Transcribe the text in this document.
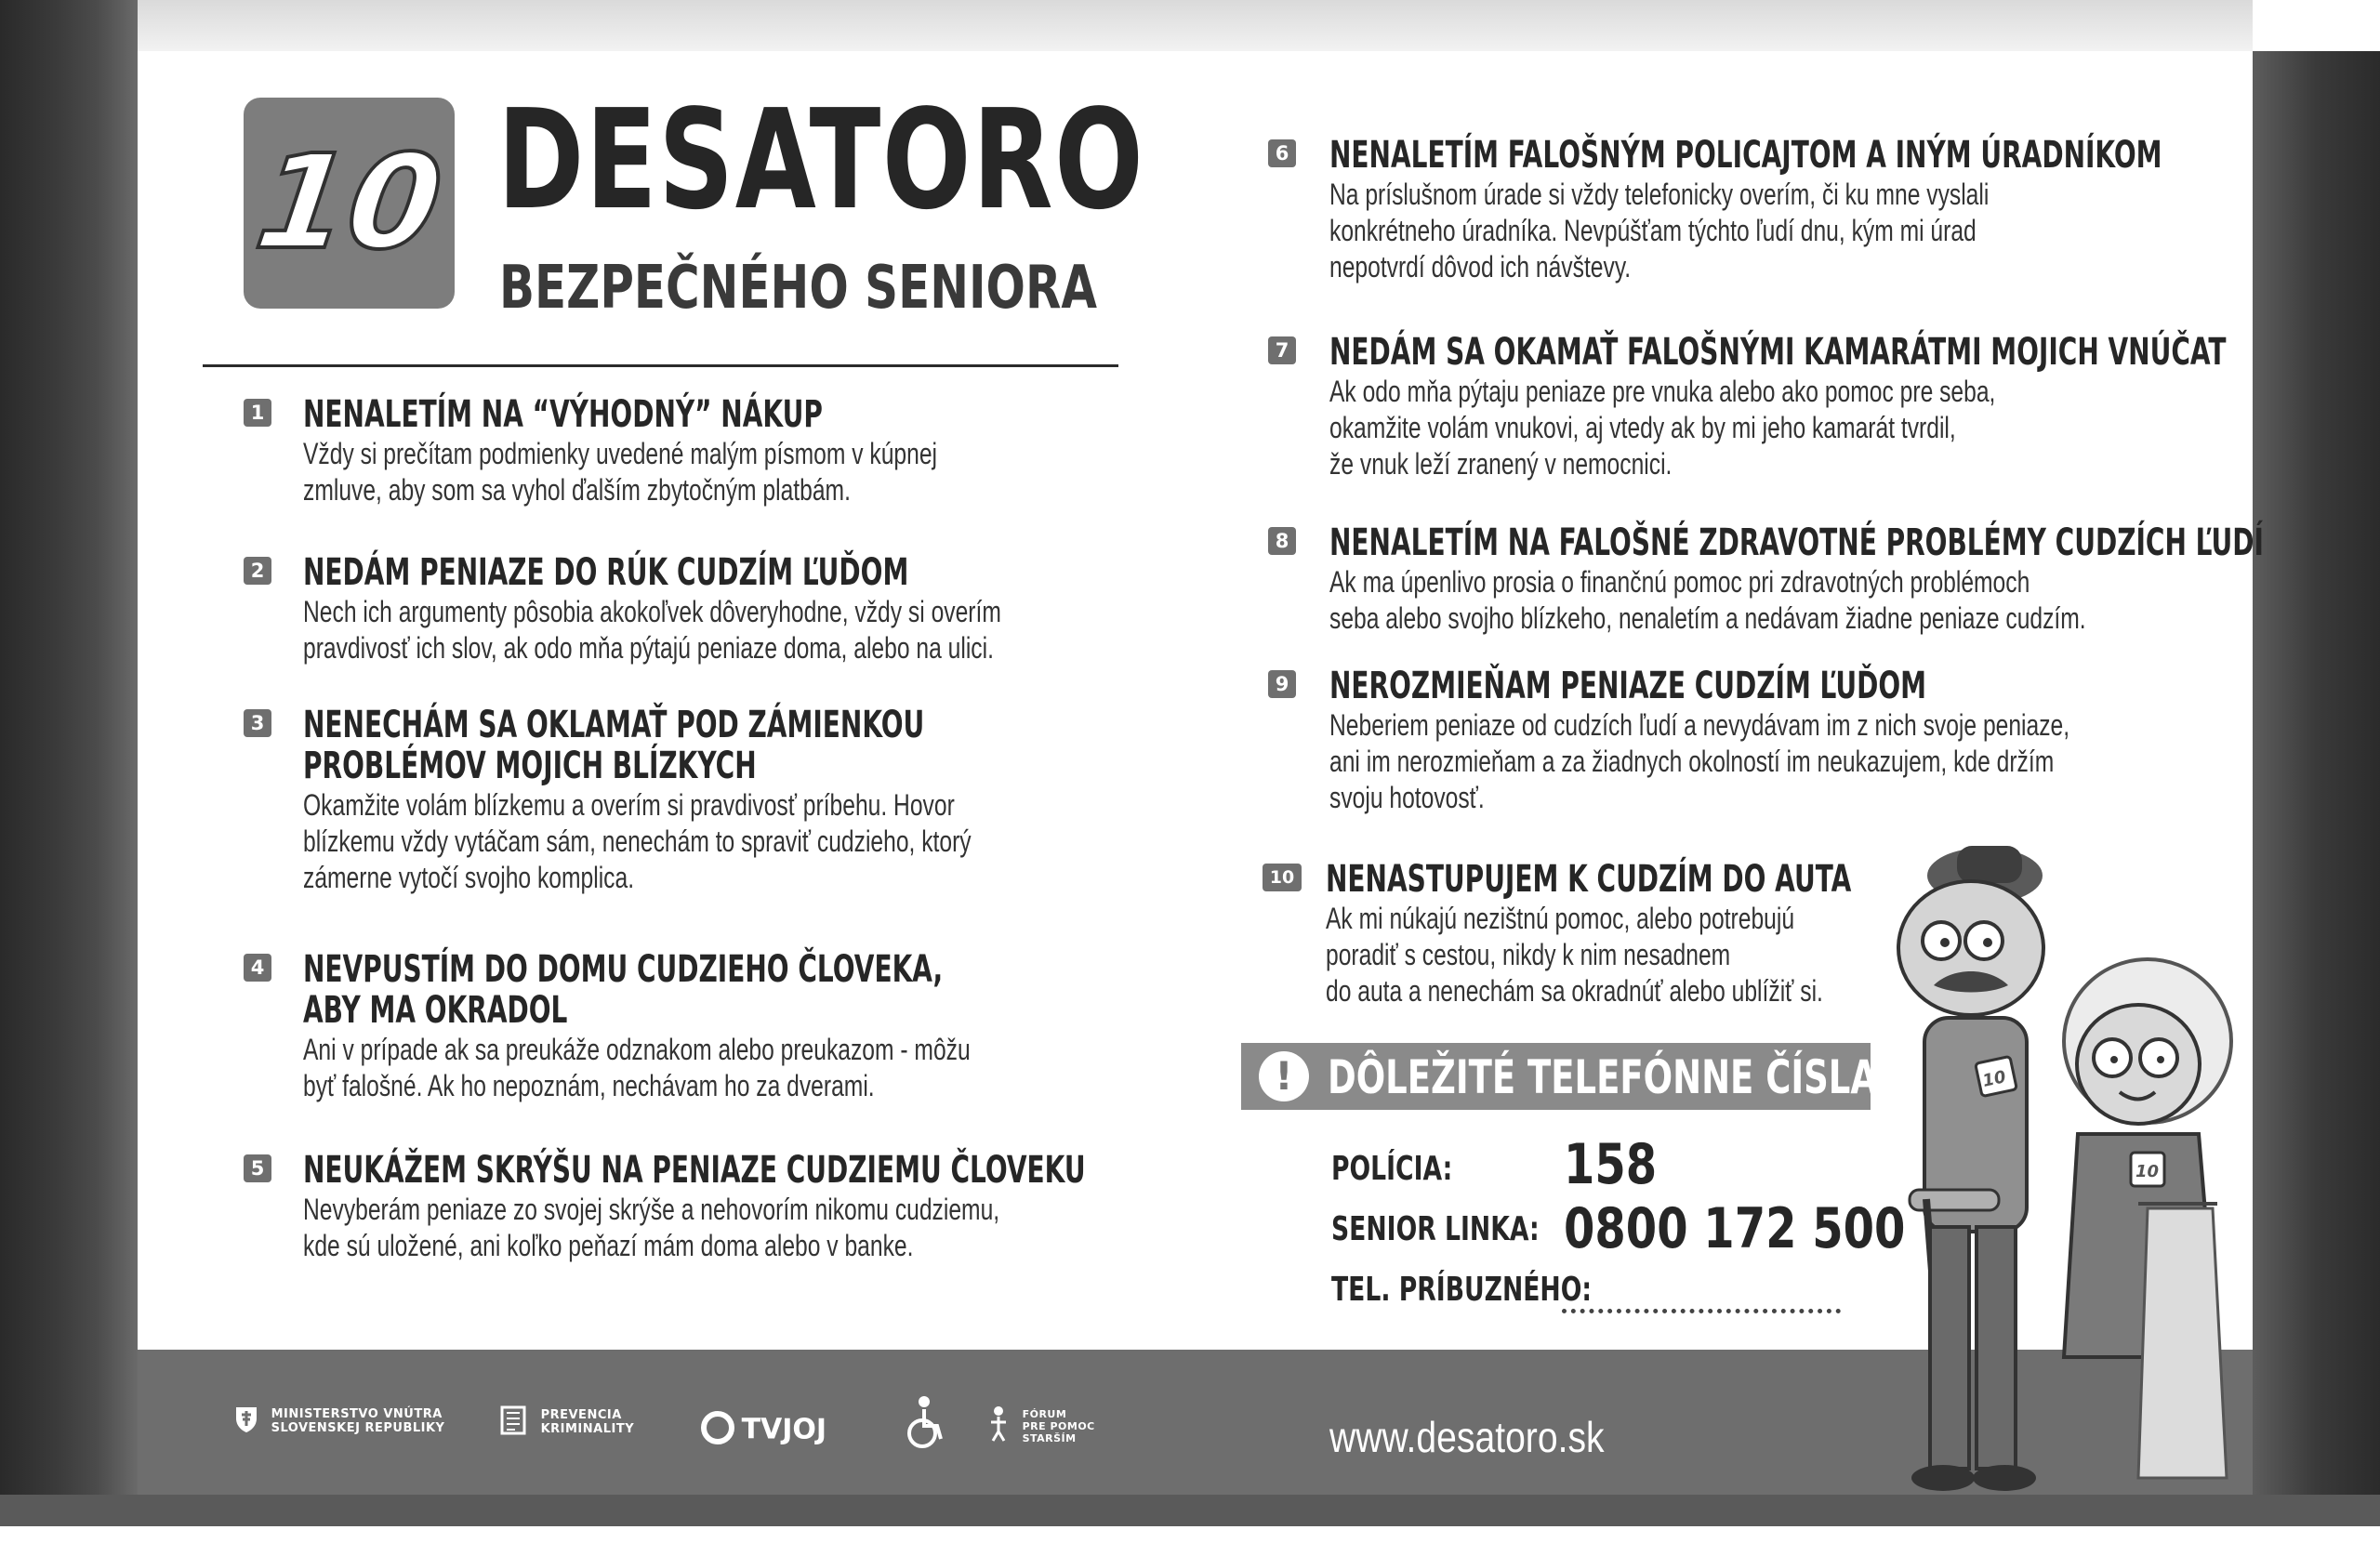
10 DESATORO
BEZPEČNÉHO SENIORA
1 NENALETÍM NA “VÝHODNÝ” NÁKUP
Vždy si prečítam podmienky uvedené malým písmom v kúpnej
zmluve, aby som sa vyhol ďalším zbytočným platbám.
2 NEDÁM PENIAZE DO RÚK CUDZÍM ĽUĎOM
Nech ich argumenty pôsobia akokoľvek dôveryhodne, vždy si overím
pravdivosť ich slov, ak odo mňa pýtajú peniaze doma, alebo na ulici.
3 NENECHÁM SA OKLAMAŤ POD ZÁMIENKOU
PROBLÉMOV MOJICH BLÍZKYCH
Okamžite volám blízkemu a overím si pravdivosť príbehu. Hovor
blízkemu vždy vytáčam sám, nenechám to spraviť cudzieho, ktorý
zámerne vytočí svojho komplica.
4 NEVPUSTÍM DO DOMU CUDZIEHO ČLOVEKA,
ABY MA OKRADOL
Ani v prípade ak sa preukáže odznakom alebo preukazom - môžu
byť falošné. Ak ho nepoznám, nechávam ho za dverami.
5 NEUKÁŽEM SKRÝŠU NA PENIAZE CUDZIEMU ČLOVEKU
Nevyberám peniaze zo svojej skrýše a nehovorím nikomu cudziemu,
kde sú uložené, ani koľko peňazí mám doma alebo v banke.
6 NENALETÍM FALOŠNÝM POLICAJTOM A INÝM ÚRADNÍKOM
Na príslušnom úrade si vždy telefonicky overím, či ku mne vyslali
konkrétneho úradníka. Nevpúšťam týchto ľudí dnu, kým mi úrad
nepotvrdí dôvod ich návštevy.
7 NEDÁM SA OKAMAŤ FALOŠNÝMI KAMARÁTMI MOJICH VNÚČAT
Ak odo mňa pýtaju peniaze pre vnuka alebo ako pomoc pre seba,
okamžite volám vnukovi, aj vtedy ak by mi jeho kamarát tvrdil,
že vnuk leží zranený v nemocnici.
8 NENALETÍM NA FALOŠNÉ ZDRAVOTNÉ PROBLÉMY CUDZÍCH ĽUDÍ
Ak ma úpenlivo prosia o finančnú pomoc pri zdravotných problémoch
seba alebo svojho blízkeho, nenaletím a nedávam žiadne peniaze cudzím.
9 NEROZMIEŇAM PENIAZE CUDZÍM ĽUĎOM
Neberiem peniaze od cudzích ľudí a nevydávam im z nich svoje peniaze,
ani im nerozmieňam a za žiadnych okolností im neukazujem, kde držím
svoju hotovosť.
10 NENASTUPUJEM K CUDZÍM DO AUTA
Ak mi núkajú nezištnú pomoc, alebo potrebujú
poradiť s cestou, nikdy k nim nesadnem
do auta a nenechám sa okradnúť alebo ublížiť si.
! DÔLEŽITÉ TELEFÓNNE ČÍSLA
POLÍCIA: 158
SENIOR LINKA: 0800 172 500
TEL. PRÍBUZNÉHO:
MINISTERSTVO VNÚTRA
SLOVENSKEJ REPUBLIKY
PREVENCIA
KRIMINALITY	TVJOJ	FÓRUM
PRE POMOC
STARŠÍM	www.desatoro.sk
10
10
